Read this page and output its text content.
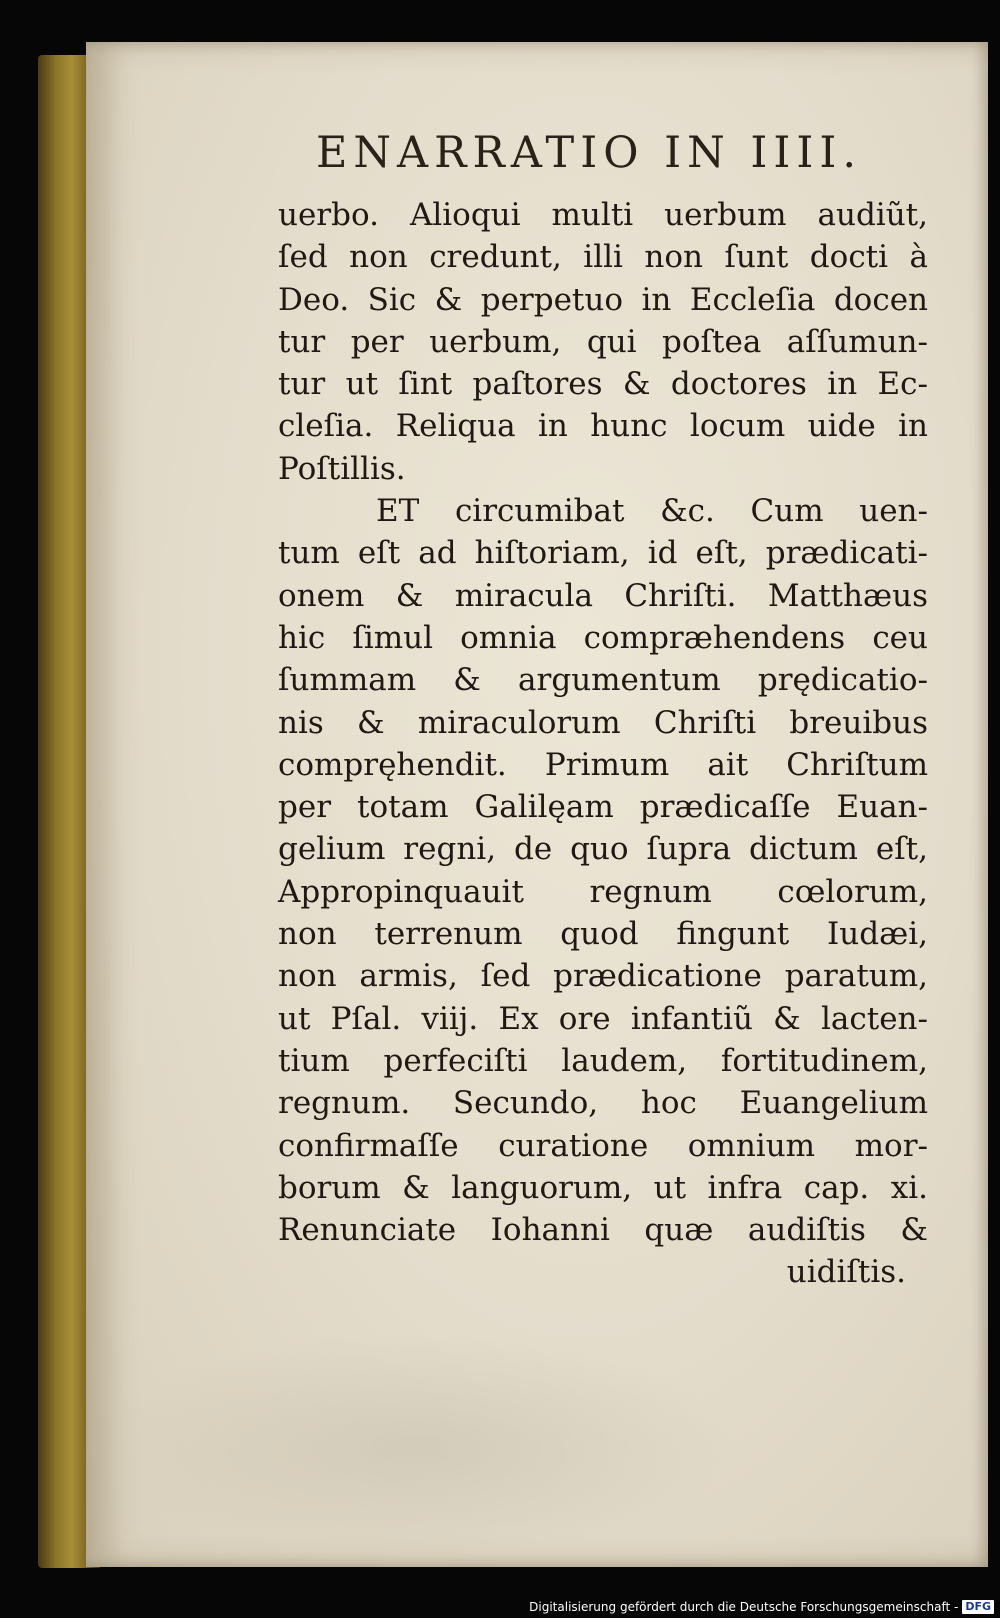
ENARRATIO IN IIII.
uerbo. Alioqui multi uerbum audiũt,
ſed non credunt, illi non ſunt docti à
Deo. Sic & perpetuo in Eccleſia docen
tur per uerbum, qui poſtea aſſumun-
tur ut ſint paſtores & doctores in Ec-
cleſia. Reliqua in hunc locum uide in
Poſtillis.
ET circumibat &c. Cum uen-
tum eſt ad hiſtoriam, id eſt, prædicati-
onem & miracula Chriſti. Matthæus
hic ſimul omnia compræhendens ceu
ſummam & argumentum prędicatio-
nis & miraculorum Chriſti breuibus
compręhendit. Primum ait Chriſtum
per totam Galilęam prædicaſſe Euan-
gelium regni, de quo ſupra dictum eſt,
Appropinquauit regnum cœlorum,
non terrenum quod fingunt Iudæi,
non armis, ſed prædicatione paratum,
ut Pſal. viij. Ex ore infantiũ & lacten-
tium perfeciſti laudem, fortitudinem,
regnum. Secundo, hoc Euangelium
confirmaſſe curatione omnium mor-
borum & languorum, ut infra cap. xi.
Renunciate Iohanni quæ audiſtis &
uidiſtis.
Digitalisierung gefördert durch die Deutsche Forschungsgemeinschaft - DFG
